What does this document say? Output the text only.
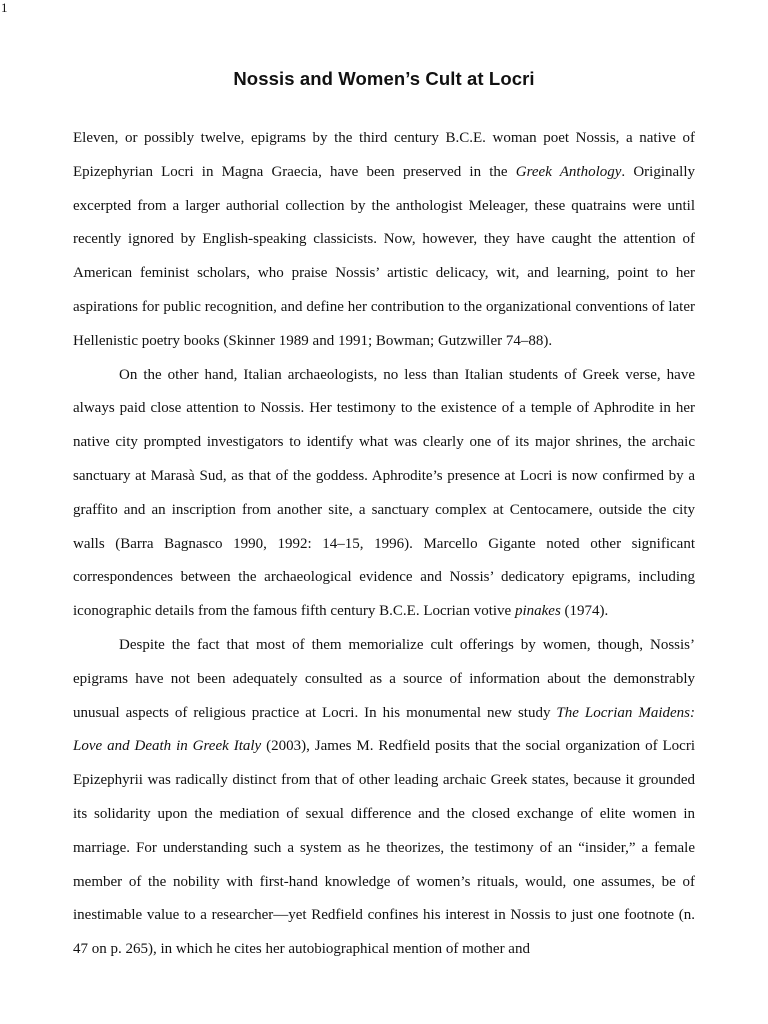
1
Nossis and Women’s Cult at Locri

Eleven, or possibly twelve, epigrams by the third century B.C.E. woman poet Nossis, a native of Epizephyrian Locri in Magna Graecia, have been preserved in the Greek Anthology. Originally excerpted from a larger authorial collection by the anthologist Meleager, these quatrains were until recently ignored by English-speaking classicists. Now, however, they have caught the attention of American feminist scholars, who praise Nossis’ artistic delicacy, wit, and learning, point to her aspirations for public recognition, and define her contribution to the organizational conventions of later Hellenistic poetry books (Skinner 1989 and 1991; Bowman; Gutzwiller 74–88).

On the other hand, Italian archaeologists, no less than Italian students of Greek verse, have always paid close attention to Nossis. Her testimony to the existence of a temple of Aphrodite in her native city prompted investigators to identify what was clearly one of its major shrines, the archaic sanctuary at Marasà Sud, as that of the goddess. Aphrodite’s presence at Locri is now confirmed by a graffito and an inscription from another site, a sanctuary complex at Centocamere, outside the city walls (Barra Bagnasco 1990, 1992: 14–15, 1996). Marcello Gigante noted other significant correspondences between the archaeological evidence and Nossis’ dedicatory epigrams, including iconographic details from the famous fifth century B.C.E. Locrian votive pinakes (1974).

Despite the fact that most of them memorialize cult offerings by women, though, Nossis’ epigrams have not been adequately consulted as a source of information about the demonstrably unusual aspects of religious practice at Locri. In his monumental new study The Locrian Maidens: Love and Death in Greek Italy (2003), James M. Redfield posits that the social organization of Locri Epizephyrii was radically distinct from that of other leading archaic Greek states, because it grounded its solidarity upon the mediation of sexual difference and the closed exchange of elite women in marriage. For understanding such a system as he theorizes, the testimony of an “insider,” a female member of the nobility with first-hand knowledge of women’s rituals, would, one assumes, be of inestimable value to a researcher—yet Redfield confines his interest in Nossis to just one footnote (n. 47 on p. 265), in which he cites her autobiographical mention of mother and
